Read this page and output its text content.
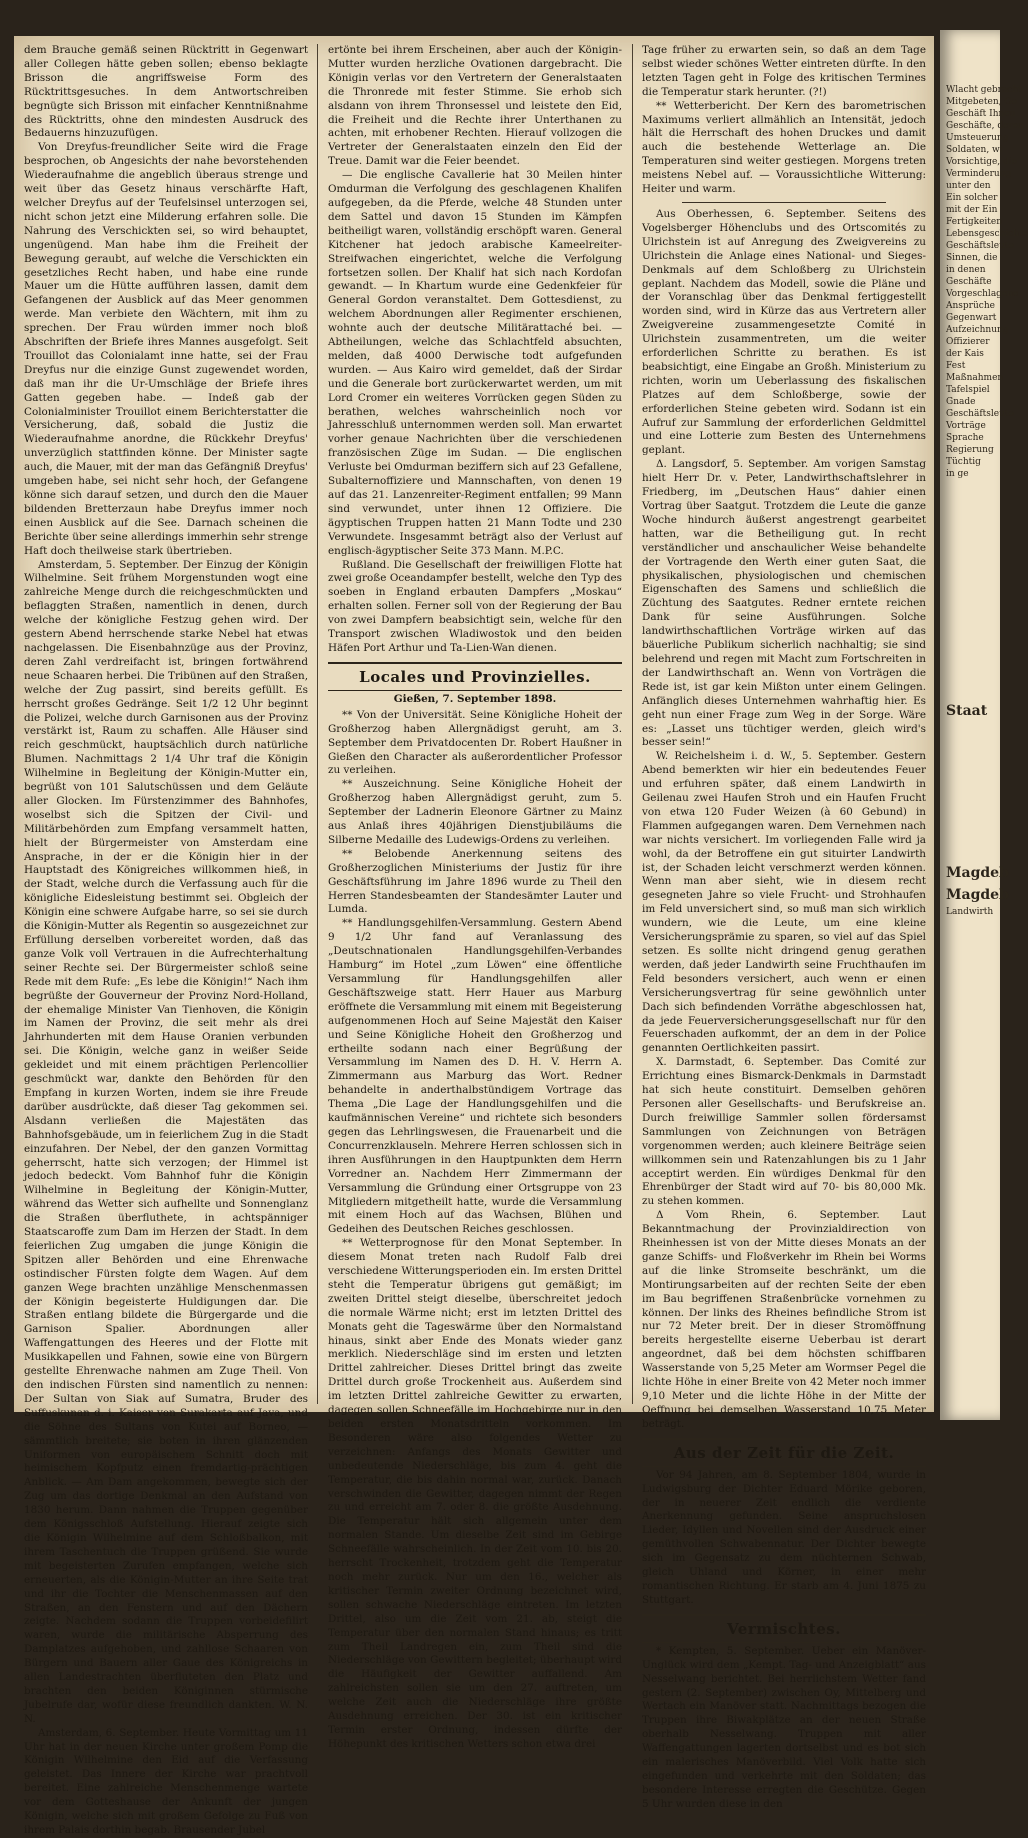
dem Brauche gemäß seinen Rücktritt in Gegenwart aller Collegen hätte geben sollen; ebenso beklagte Brisson die angriffsweise Form des Rücktrittsgesuches. In dem Antwortschreiben begnügte sich Brisson mit einfacher Kenntnißnahme des Rücktritts, ohne den mindesten Ausdruck des Bedauerns hinzuzufügen.

Von Dreyfus-freundlicher Seite wird die Frage besprochen, ob Angesichts der nahe bevorstehenden Wiederaufnahme die angeblich überaus strenge und weit über das Gesetz hinaus verschärfte Haft, welcher Dreyfus auf der Teufelsinsel unterzogen sei, nicht schon jetzt eine Milderung erfahren solle. Die Nahrung des Verschickten sei, so wird behauptet, ungenügend. Man habe ihm die Freiheit der Bewegung geraubt, auf welche die Verschickten ein gesetzliches Recht haben, und habe eine runde Mauer um die Hütte aufführen lassen, damit dem Gefangenen der Ausblick auf das Meer genommen werde. Man verbiete den Wächtern, mit ihm zu sprechen. Der Frau würden immer noch bloß Abschriften der Briefe ihres Mannes ausgefolgt. Seit Trouillot das Colonialamt inne hatte, sei der Frau Dreyfus nur die einzige Gunst zugewendet worden, daß man ihr die Ur-Umschläge der Briefe ihres Gatten gegeben habe. — Indeß gab der Colonialminister Trouillot einem Berichterstatter die Versicherung, daß, sobald die Justiz die Wiederaufnahme anordne, die Rückkehr Dreyfus' unverzüglich stattfinden könne. Der Minister sagte auch, die Mauer, mit der man das Gefängniß Dreyfus' umgeben habe, sei nicht sehr hoch, der Gefangene könne sich darauf setzen, und durch den die Mauer bildenden Bretterzaun habe Dreyfus immer noch einen Ausblick auf die See. Darnach scheinen die Berichte über seine allerdings immerhin sehr strenge Haft doch theilweise stark übertrieben.

Amsterdam, 5. September. Der Einzug der Königin Wilhelmine. Seit frühem Morgenstunden wogt eine zahlreiche Menge durch die reichgeschmückten und beflaggten Straßen, namentlich in denen, durch welche der königliche Festzug gehen wird. Der gestern Abend herrschende starke Nebel hat etwas nachgelassen. Die Eisenbahnzüge aus der Provinz, deren Zahl verdreifacht ist, bringen fortwährend neue Schaaren herbei. Die Tribünen auf den Straßen, welche der Zug passirt, sind bereits gefüllt. Es herrscht großes Gedränge. Seit 1/2 12 Uhr beginnt die Polizei, welche durch Garnisonen aus der Provinz verstärkt ist, Raum zu schaffen. Alle Häuser sind reich geschmückt, hauptsächlich durch natürliche Blumen. Nachmittags 2 1/4 Uhr traf die Königin Wilhelmine in Begleitung der Königin-Mutter ein, begrüßt von 101 Salutschüssen und dem Geläute aller Glocken. Im Fürstenzimmer des Bahnhofes, woselbst sich die Spitzen der Civil- und Militärbehörden zum Empfang versammelt hatten, hielt der Bürgermeister von Amsterdam eine Ansprache, in der er die Königin hier in der Hauptstadt des Königreiches willkommen hieß, in der Stadt, welche durch die Verfassung auch für die königliche Eidesleistung bestimmt sei. Obgleich der Königin eine schwere Aufgabe harre, so sei sie durch die Königin-Mutter als Regentin so ausgezeichnet zur Erfüllung derselben vorbereitet worden, daß das ganze Volk voll Vertrauen in die Aufrechterhaltung seiner Rechte sei. Der Bürgermeister schloß seine Rede mit dem Rufe: „Es lebe die Königin!“ Nach ihm begrüßte der Gouverneur der Provinz Nord-Holland, der ehemalige Minister Van Tienhoven, die Königin im Namen der Provinz, die seit mehr als drei Jahrhunderten mit dem Hause Oranien verbunden sei. Die Königin, welche ganz in weißer Seide gekleidet und mit einem prächtigen Perlencollier geschmückt war, dankte den Behörden für den Empfang in kurzen Worten, indem sie ihre Freude darüber ausdrückte, daß dieser Tag gekommen sei. Alsdann verließen die Majestäten das Bahnhofsgebäude, um in feierlichem Zug in die Stadt einzufahren. Der Nebel, der den ganzen Vormittag geherrscht, hatte sich verzogen; der Himmel ist jedoch bedeckt. Vom Bahnhof fuhr die Königin Wilhelmine in Begleitung der Königin-Mutter, während das Wetter sich aufhellte und Sonnenglanz die Straßen überfluthete, in achtspänniger Staatscaroffe zum Dam im Herzen der Stadt. In dem feierlichen Zug umgaben die junge Königin die Spitzen aller Behörden und eine Ehrenwache ostindischer Fürsten folgte dem Wagen. Auf dem ganzen Wege brachten unzählige Menschenmassen der Königin begeisterte Huldigungen dar. Die Straßen entlang bildete die Bürgergarde und die Garnison Spalier. Abordnungen aller Waffengattungen des Heeres und der Flotte mit Musikkapellen und Fahnen, sowie eine von Bürgern gestellte Ehrenwache nahmen am Zuge Theil. Von den indischen Fürsten sind namentlich zu nennen: Der Sultan von Siak auf Sumatra, Bruder des Suffuskunan d. i. Kaiser von Surakarta auf Java, und die Söhne des Sultans von Kutei auf Borneo, — sämmtlich breitete; sie boten in ihren glänzenden Uniformen von europäischem Schnitt doch mit heimischem Kopfputz einen fremdartig-prächtigen Anblick. — Am Dam angekommen, bewegte sich der Zug um das dortige Denkmal an den Aufstand von 1830 herum. Dann nahmen die Truppen gegenüber dem Königsschloß Aufstellung. Hierauf zeigte sich die Königin Wilhelmine auf dem Schloßbalkon, mit ihrem Taschentuch die Truppen grüßend. Sie wurde mit begeisterten Zurufen empfangen, welche sich erneuerten, als die Königin-Mutter an ihre Seite trat und ihr die Tochter die Menschenmassen auf den Straßen, an den Fenstern und auf den Dächern zeigte. Nachdem sodann die Truppen vorbeidefilirt waren, wurde die militärische Absperrung des Damplatzes aufgehoben, und zahllose Schaaren von Bürgern und Bauern aller Gaue des Königreichs in allen Landestrachten überfluteten den Platz und brachten den beiden Königinnen stürmische Jubelrufe dar, wofür diese freundlich dankten. W. N. N.

Amsterdam, 6. September. Heute Vormittag um 11 Uhr hat in der neuen Kirche unter großem Pomp die Königin Wilhelmine den Eid auf die Verfassung geleistet. Das Innere der Kirche war prachtvoll bereitet. Eine zahlreiche Menschenmenge wartete vor dem Gotteshause der Ankunft der jungen Königin, welche sich mit großem Gefolge zu Fuß von ihrem Palais dorthin begab. Brausender Jubel

ertönte bei ihrem Erscheinen, aber auch der Königin-Mutter wurden herzliche Ovationen dargebracht. Die Königin verlas vor den Vertretern der Generalstaaten die Thronrede mit fester Stimme. Sie erhob sich alsdann von ihrem Thronsessel und leistete den Eid, die Freiheit und die Rechte ihrer Unterthanen zu achten, mit erhobener Rechten. Hierauf vollzogen die Vertreter der Generalstaaten einzeln den Eid der Treue. Damit war die Feier beendet.

— Die englische Cavallerie hat 30 Meilen hinter Omdurman die Verfolgung des geschlagenen Khalifen aufgegeben, da die Pferde, welche 48 Stunden unter dem Sattel und davon 15 Stunden im Kämpfen beitheiligt waren, vollständig erschöpft waren. General Kitchener hat jedoch arabische Kameelreiter-Streifwachen eingerichtet, welche die Verfolgung fortsetzen sollen. Der Khalif hat sich nach Kordofan gewandt. — In Khartum wurde eine Gedenkfeier für General Gordon veranstaltet. Dem Gottesdienst, zu welchem Abordnungen aller Regimenter erschienen, wohnte auch der deutsche Militärattaché bei. — Abtheilungen, welche das Schlachtfeld absuchten, melden, daß 4000 Derwische todt aufgefunden wurden. — Aus Kairo wird gemeldet, daß der Sirdar und die Generale bort zurückerwartet werden, um mit Lord Cromer ein weiteres Vorrücken gegen Süden zu berathen, welches wahrscheinlich noch vor Jahresschluß unternommen werden soll. Man erwartet vorher genaue Nachrichten über die verschiedenen französischen Züge im Sudan. — Die englischen Verluste bei Omdurman beziffern sich auf 23 Gefallene, Subalternoffiziere und Mannschaften, von denen 19 auf das 21. Lanzenreiter-Regiment entfallen; 99 Mann sind verwundet, unter ihnen 12 Offiziere. Die ägyptischen Truppen hatten 21 Mann Todte und 230 Verwundete. Insgesammt beträgt also der Verlust auf englisch-ägyptischer Seite 373 Mann. M.P.C.

Rußland. Die Gesellschaft der freiwilligen Flotte hat zwei große Oceandampfer bestellt, welche den Typ des soeben in England erbauten Dampfers „Moskau“ erhalten sollen. Ferner soll von der Regierung der Bau von zwei Dampfern beabsichtigt sein, welche für den Transport zwischen Wladiwostok und den beiden Häfen Port Arthur und Ta-Lien-Wan dienen.

Locales und Provinzielles.
Gießen, 7. September 1898.

** Von der Universität. Seine Königliche Hoheit der Großherzog haben Allergnädigst geruht, am 3. September dem Privatdocenten Dr. Robert Haußner in Gießen den Character als außerordentlicher Professor zu verleihen.

** Auszeichnung. Seine Königliche Hoheit der Großherzog haben Allergnädigst geruht, zum 5. September der Ladnerin Eleonore Gärtner zu Mainz aus Anlaß ihres 40jährigen Dienstjubiläums die Silberne Medaille des Ludewigs-Ordens zu verleihen.

** Belobende Anerkennung seitens des Großherzoglichen Ministeriums der Justiz für ihre Geschäftsführung im Jahre 1896 wurde zu Theil den Herren Standesbeamten der Standesämter Lauter und Lumda.

** Handlungsgehilfen-Versammlung. Gestern Abend 9 1/2 Uhr fand auf Veranlassung des „Deutschnationalen Handlungsgehilfen-Verbandes Hamburg“ im Hotel „zum Löwen“ eine öffentliche Versammlung für Handlungsgehilfen aller Geschäftszweige statt. Herr Hauer aus Marburg eröffnete die Versammlung mit einem mit Begeisterung aufgenommenen Hoch auf Seine Majestät den Kaiser und Seine Königliche Hoheit den Großherzog und ertheilte sodann nach einer Begrüßung der Versammlung im Namen des D. H. V. Herrn A. Zimmermann aus Marburg das Wort. Redner behandelte in anderthalbstündigem Vortrage das Thema „Die Lage der Handlungsgehilfen und die kaufmännischen Vereine“ und richtete sich besonders gegen das Lehrlingswesen, die Frauenarbeit und die Concurrenzklauseln. Mehrere Herren schlossen sich in ihren Ausführungen in den Hauptpunkten dem Herrn Vorredner an. Nachdem Herr Zimmermann der Versammlung die Gründung einer Ortsgruppe von 23 Mitgliedern mitgetheilt hatte, wurde die Versammlung mit einem Hoch auf das Wachsen, Blühen und Gedeihen des Deutschen Reiches geschlossen.

** Wetterprognose für den Monat September. In diesem Monat treten nach Rudolf Falb drei verschiedene Witterungsperioden ein. Im ersten Drittel steht die Temperatur übrigens gut gemäßigt; im zweiten Drittel steigt dieselbe, überschreitet jedoch die normale Wärme nicht; erst im letzten Drittel des Monats geht die Tageswärme über den Normalstand hinaus, sinkt aber Ende des Monats wieder ganz merklich. Niederschläge sind im ersten und letzten Drittel zahlreicher. Dieses Drittel bringt das zweite Drittel durch große Trockenheit aus. Außerdem sind im letzten Drittel zahlreiche Gewitter zu erwarten, dagegen sollen Schneefälle im Hochgebirge nur in den beiden ersten Monatsdritteln vorkommen. Im Besonderen wäre also folgendes Wetter zu verzeichnen: Anfangs des Monats Gewitter und unbedeutende Niederschläge, bis zum 4. geht die Temperatur, die bis dahin normal war, zurück. Danach verschwinden die Gewitter, dagegen nimmt der Regen zu und erreicht am 7. oder 8. die größte Ausdehnung. Die Temperatur hält sich allgemein unter dem normalen Stande. Um dieselbe Zeit sind im Gebirge Schneefälle wahrscheinlich. In der Zeit vom 10. bis 20. herrscht Trockenheit, trotzdem geht die Temperatur noch mehr zurück. Nur um den 16., welcher als kritischer Termin zweiter Ordnung bezeichnet wird, sollen schwache Niederschläge eintreten. Im letzten Drittel, also um die Zeit vom 21. ab, steigt die Temperatur über den normalen Stand hinaus; es tritt zum Theil Landregen ein, zum Theil sind die Niederschläge von Gewittern begleitet; überhaupt wird die Häufigkeit der Gewitter auffallend. Am zahlreichsten sollen sie um den 27. auftreten, um welche Zeit auch die Niederschläge ihre größte Ausdehnung erreichen. Der 30. ist ein kritischer Termin erster Ordnung, indessen dürfte der Höhepunkt des kritischen Wetters schon etwa drei

Tage früher zu erwarten sein, so daß an dem Tage selbst wieder schönes Wetter eintreten dürfte. In den letzten Tagen geht in Folge des kritischen Termines die Temperatur stark herunter. (?!)

** Wetterbericht. Der Kern des barometrischen Maximums verliert allmählich an Intensität, jedoch hält die Herrschaft des hohen Druckes und damit auch die bestehende Wetterlage an. Die Temperaturen sind weiter gestiegen. Morgens treten meistens Nebel auf. — Voraussichtliche Witterung: Heiter und warm.

Aus Oberhessen, 6. September. Seitens des Vogelsberger Höhenclubs und des Ortscomités zu Ulrichstein ist auf Anregung des Zweigvereins zu Ulrichstein die Anlage eines National- und Sieges-Denkmals auf dem Schloßberg zu Ulrichstein geplant. Nachdem das Modell, sowie die Pläne und der Voranschlag über das Denkmal fertiggestellt worden sind, wird in Kürze das aus Vertretern aller Zweigvereine zusammengesetzte Comité in Ulrichstein zusammentreten, um die weiter erforderlichen Schritte zu berathen. Es ist beabsichtigt, eine Eingabe an Großh. Ministerium zu richten, worin um Ueberlassung des fiskalischen Platzes auf dem Schloßberge, sowie der erforderlichen Steine gebeten wird. Sodann ist ein Aufruf zur Sammlung der erforderlichen Geldmittel und eine Lotterie zum Besten des Unternehmens geplant.

Δ. Langsdorf, 5. September. Am vorigen Samstag hielt Herr Dr. v. Peter, Landwirthschaftslehrer in Friedberg, im „Deutschen Haus“ dahier einen Vortrag über Saatgut. Trotzdem die Leute die ganze Woche hindurch äußerst angestrengt gearbeitet hatten, war die Betheiligung gut. In recht verständlicher und anschaulicher Weise behandelte der Vortragende den Werth einer guten Saat, die physikalischen, physiologischen und chemischen Eigenschaften des Samens und schließlich die Züchtung des Saatgutes. Redner erntete reichen Dank für seine Ausführungen. Solche landwirthschaftlichen Vorträge wirken auf das bäuerliche Publikum sicherlich nachhaltig; sie sind belehrend und regen mit Macht zum Fortschreiten in der Landwirthschaft an. Wenn von Vorträgen die Rede ist, ist gar kein Mißton unter einem Gelingen. Anfänglich dieses Unternehmen wahrhaftig hier. Es geht nun einer Frage zum Weg in der Sorge. Wäre es: „Lasset uns tüchtiger werden, gleich wird's besser sein!“

W. Reichelsheim i. d. W., 5. September. Gestern Abend bemerkten wir hier ein bedeutendes Feuer und erfuhren später, daß einem Landwirth in Geilenau zwei Haufen Stroh und ein Haufen Frucht von etwa 120 Fuder Weizen (à 60 Gebund) in Flammen aufgegangen waren. Dem Vernehmen nach war nichts versichert. Im vorliegenden Falle wird ja wohl, da der Betroffene ein gut situirter Landwirth ist, der Schaden leicht verschmerzt werden können. Wenn man aber sieht, wie in diesem recht gesegneten Jahre so viele Frucht- und Strohhaufen im Feld unversichert sind, so muß man sich wirklich wundern, wie die Leute, um eine kleine Versicherungsprämie zu sparen, so viel auf das Spiel setzen. Es sollte nicht dringend genug gerathen werden, daß jeder Landwirth seine Fruchthaufen im Feld besonders versichert, auch wenn er einen Versicherungsvertrag für seine gewöhnlich unter Dach sich befindenden Vorräthe abgeschlossen hat, da jede Feuerversicherungsgesellschaft nur für den Feuerschaden aufkommt, der an dem in der Police genannten Oertlichkeiten passirt.

X. Darmstadt, 6. September. Das Comité zur Errichtung eines Bismarck-Denkmals in Darmstadt hat sich heute constituirt. Demselben gehören Personen aller Gesellschafts- und Berufskreise an. Durch freiwillige Sammler sollen fördersamst Sammlungen von Zeichnungen von Beträgen vorgenommen werden; auch kleinere Beiträge seien willkommen sein und Ratenzahlungen bis zu 1 Jahr acceptirt werden. Ein würdiges Denkmal für den Ehrenbürger der Stadt wird auf 70- bis 80,000 Mk. zu stehen kommen.

Δ Vom Rhein, 6. September. Laut Bekanntmachung der Provinzialdirection von Rheinhessen ist von der Mitte dieses Monats an der ganze Schiffs- und Floßverkehr im Rhein bei Worms auf die linke Stromseite beschränkt, um die Montirungsarbeiten auf der rechten Seite der eben im Bau begriffenen Straßenbrücke vornehmen zu können. Der links des Rheines befindliche Strom ist nur 72 Meter breit. Der in dieser Stromöffnung bereits hergestellte eiserne Ueberbau ist derart angeordnet, daß bei dem höchsten schiffbaren Wasserstande von 5,25 Meter am Wormser Pegel die lichte Höhe in einer Breite von 42 Meter noch immer 9,10 Meter und die lichte Höhe in der Mitte der Oeffnung bei demselben Wasserstand 10,75 Meter beträgt.

Aus der Zeit für die Zeit.

Vor 94 Jahren, am 8. September 1804, wurde in Ludwigsburg der Dichter Eduard Mörike geboren, der in neuerer Zeit endlich die verdiente Anerkennung gefunden. Seine anspruchslosen Lieder, Idyllen und Novellen sind der Ausdruck einer gemüthvollen Schwabennatur. Der Dichter bewegte sich im Gegensatz zu dem nüchternen Schwab, gleich Uhland und Körner, in einer mehr romantischen Richtung. Er starb am 4. Juni 1875 zu Stuttgart.

Vermischtes.

* Kempten, 5. September. Ueber ein Manöver-Unglück wird dem „Kempt. Tag- und Anzeigblatt“ aus Nesselwang berichtet. Bei herrlichstem Wetter fand gestern (2. September) zwischen Oy, Mittelberg und Wertach ein Manöver statt. Nachmittags bezogen die Truppen ihre Biwakplätze an der neuen Straße oberhalb Nesselwang. Truppen mit aller Waffengattungen lagerten dortselbst und es bot sich ein malerisches Manöverbild. Viel Volk hatte sich eingefunden und verkehrte mit den Soldaten; das besondere Interesse erregten die Geschütze. Gegen 5 Uhr wurden diese in den

Wlacht gebracht
Mitgebeten, Ge
Geschäft Ihnen
Geschäfte, deren
Umsteuerung
Soldaten, wi
Vorsichtige, die
Verminderung
unter den
Ein solcher
mit der Ein
Fertigkeiten
Lebensgeschichte
Geschäftsleute
Sinnen, die
in denen
Geschäfte
Vorgeschlagene
Ansprüche
Gegenwart
Aufzeichnung
Offizierer
der Kais
Fest
Maßnahmen
Tafelspiel
Gnade
Geschäftsleute
Vorträge
Sprache
Regierung
Tüchtig
in ge
Staat
Magdeb
Magdeb
Landwirth
